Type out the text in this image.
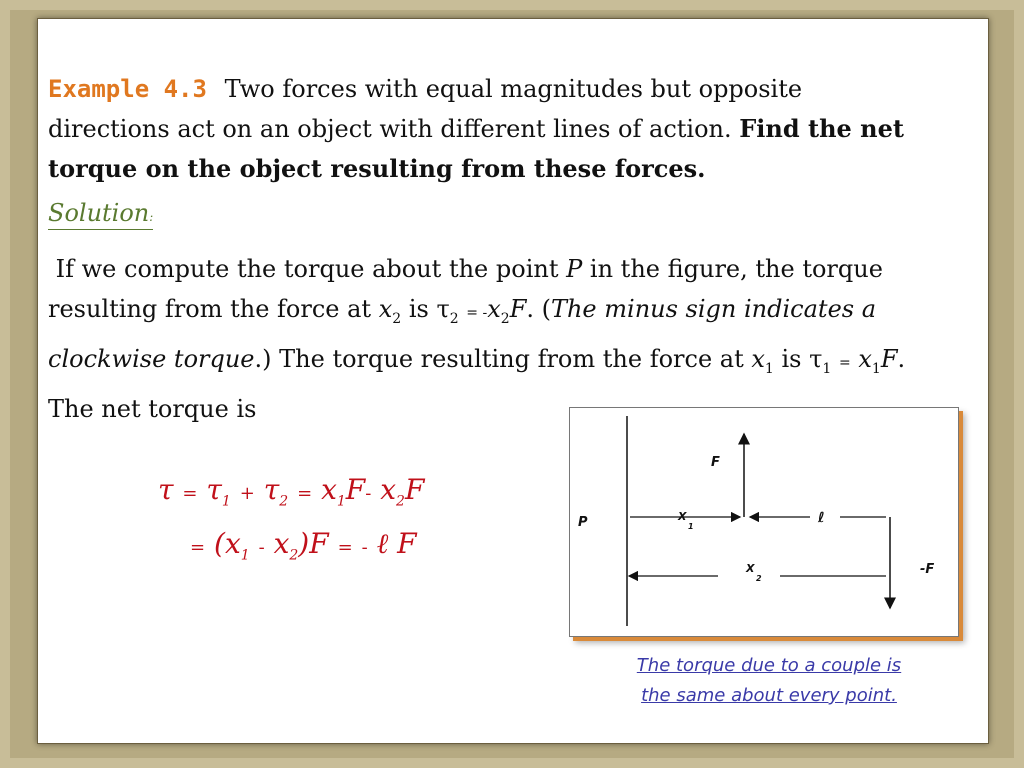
Example 4.3 Two forces with equal magnitudes but opposite directions act on an object with different lines of action. Find the net torque on the object resulting from these forces.
Solution:
If we compute the torque about the point P in the figure, the torque resulting from the force at $x_2$ is $\tau_2 = -x_2F$. (The minus sign indicates a clockwise torque.) The torque resulting from the force at $x_1$ is $\tau_1 = x_1F$. The net torque is
$\tau = \tau_1 + \tau_2 = x_1F-$ $x_2F$
= $(x_1 - x_2)F$ = - ℓ F
P
F
-F
X
1
X
2
ℓ
The torque due to a couple is
the same about every point.
